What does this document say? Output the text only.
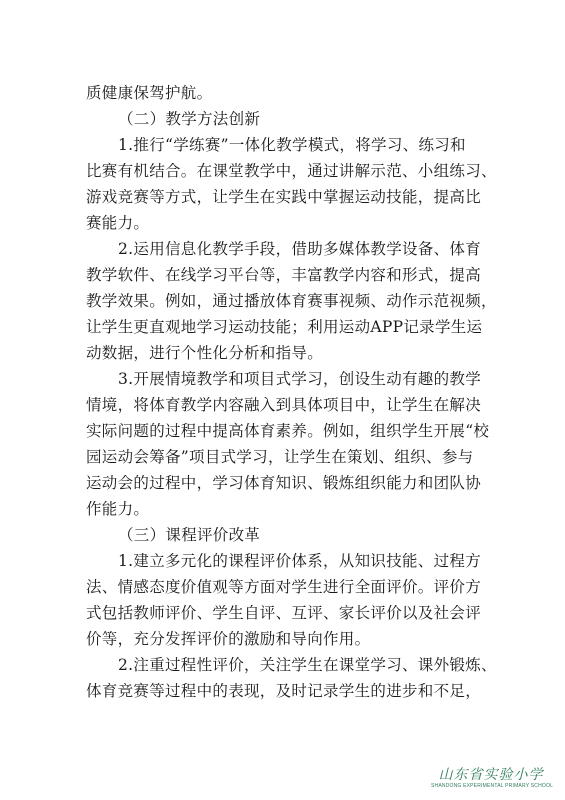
质健康保驾护航。
（二）教学方法创新
1.推行“学练赛”一体化教学模式，将学习、练习和
比赛有机结合。在课堂教学中，通过讲解示范、小组练习、
游戏竞赛等方式，让学生在实践中掌握运动技能，提高比
赛能力。
2.运用信息化教学手段，借助多媒体教学设备、体育
教学软件、在线学习平台等，丰富教学内容和形式，提高
教学效果。例如，通过播放体育赛事视频、动作示范视频，
让学生更直观地学习运动技能；利用运动APP记录学生运
动数据，进行个性化分析和指导。
3.开展情境教学和项目式学习，创设生动有趣的教学
情境，将体育教学内容融入到具体项目中，让学生在解决
实际问题的过程中提高体育素养。例如，组织学生开展“校
园运动会筹备”项目式学习，让学生在策划、组织、参与
运动会的过程中，学习体育知识、锻炼组织能力和团队协
作能力。
（三）课程评价改革
1.建立多元化的课程评价体系，从知识技能、过程方
法、情感态度价值观等方面对学生进行全面评价。评价方
式包括教师评价、学生自评、互评、家长评价以及社会评
价等，充分发挥评价的激励和导向作用。
2.注重过程性评价，关注学生在课堂学习、课外锻炼、
体育竞赛等过程中的表现，及时记录学生的进步和不足，
山东省实验小学
SHANDONG EXPERIMENTAL PRIMARY SCHOOL
